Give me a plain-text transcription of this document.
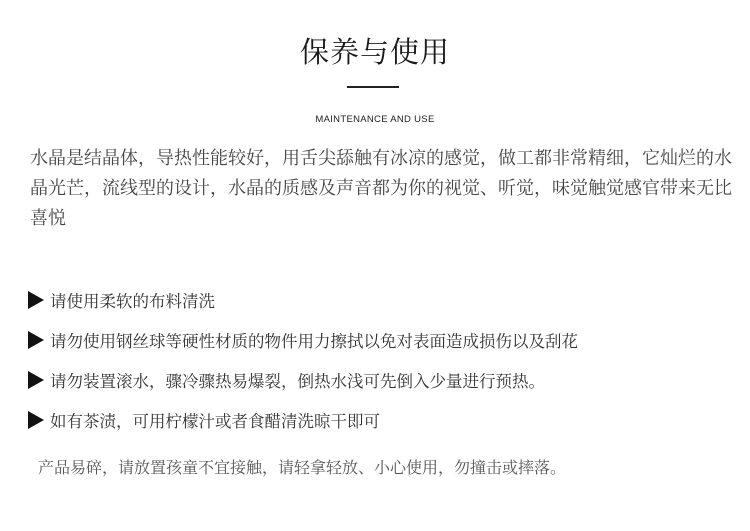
保养与使用
MAINTENANCE AND USE
水晶是结晶体，导热性能较好，用舌尖舔触有冰凉的感觉，做工都非常精细，它灿烂的水晶光芒，流线型的设计，水晶的质感及声音都为你的视觉、听觉，味觉触觉感官带来无比喜悦
请使用柔软的布料清洗
请勿使用钢丝球等硬性材质的物件用力擦拭以免对表面造成损伤以及刮花
请勿装置滚水，骤冷骤热易爆裂，倒热水浅可先倒入少量进行预热。
如有茶渍，可用柠檬汁或者食醋清洗晾干即可
产品易碎，请放置孩童不宜接触，请轻拿轻放、小心使用，勿撞击或摔落。
